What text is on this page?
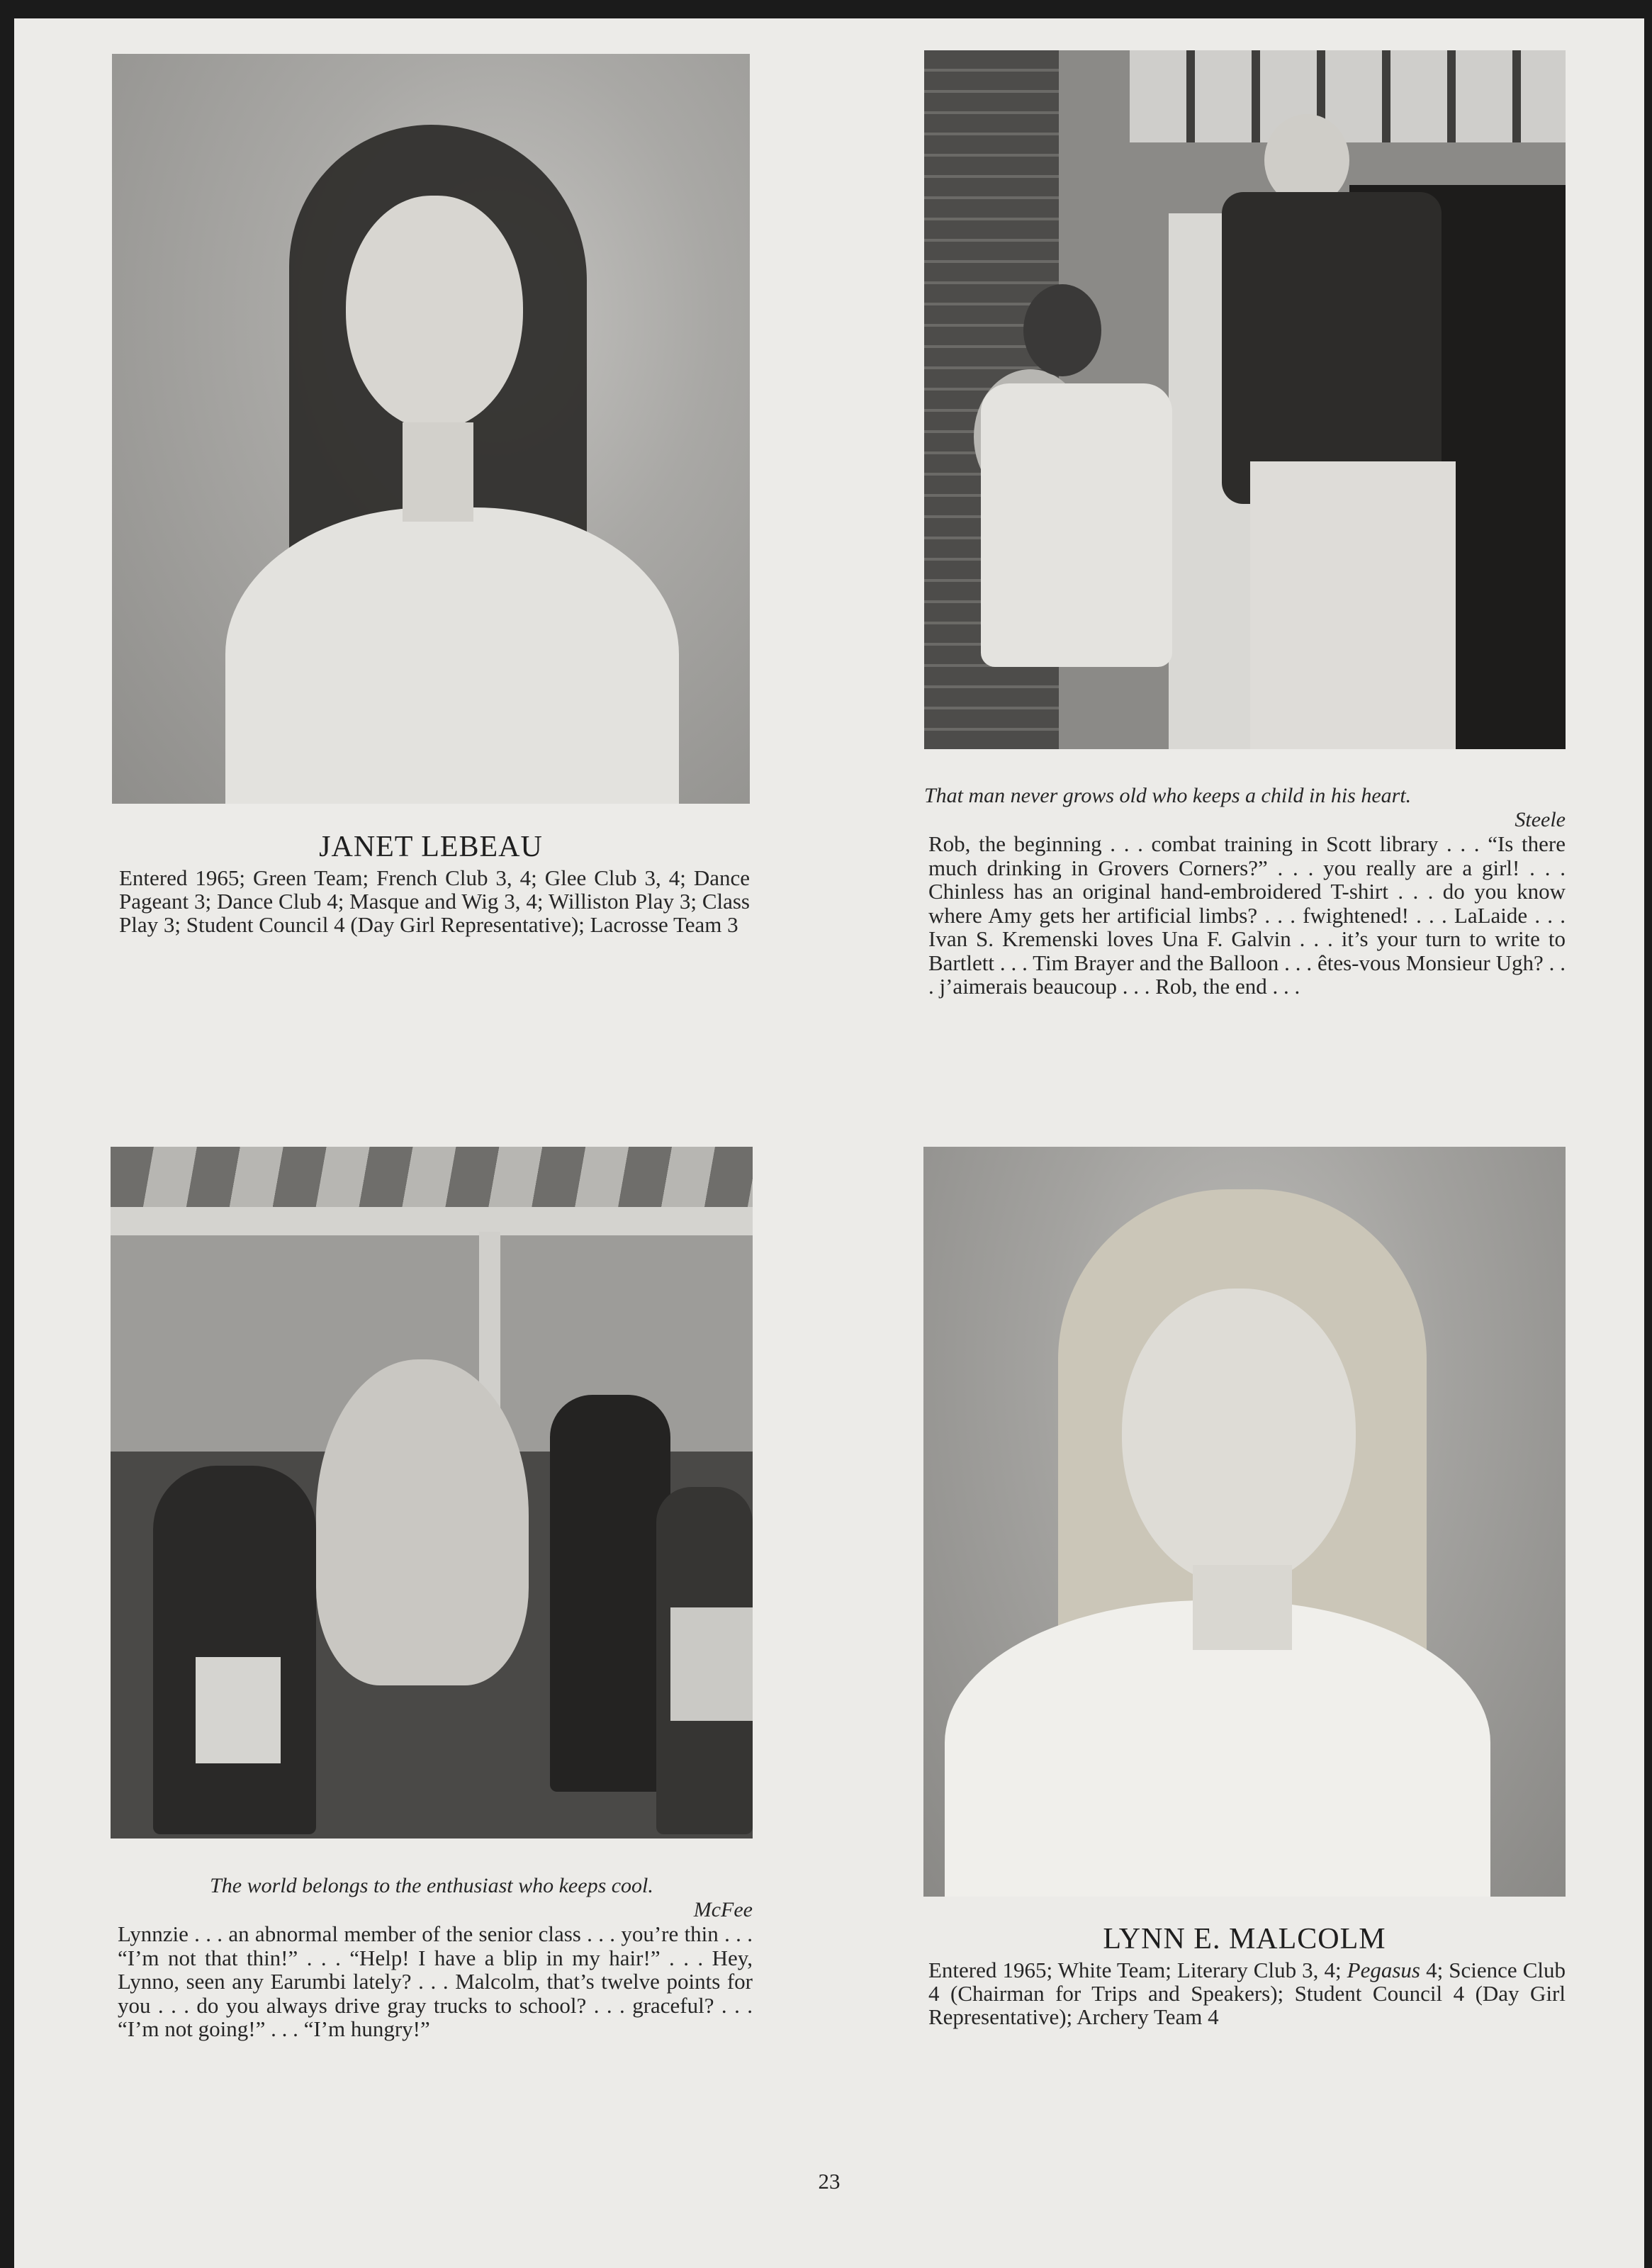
JANET LEBEAU
Entered 1965; Green Team; French Club 3, 4; Glee Club 3, 4; Dance Pageant 3; Dance Club 4; Masque and Wig 3, 4; Williston Play 3; Class Play 3; Student Council 4 (Day Girl Representative); Lacrosse Team 3
That man never grows old who keeps a child in his heart.
Steele
Rob, the beginning . . . combat training in Scott library . . . “Is there much drinking in Grovers Corners?” . . . you really are a girl! . . . Chinless has an original hand-embroidered T-shirt . . . do you know where Amy gets her artificial limbs? . . . fwightened! . . . LaLaide . . . Ivan S. Kremenski loves Una F. Galvin . . . it’s your turn to write to Bartlett . . . Tim Brayer and the Balloon . . . êtes-vous Monsieur Ugh? . . . j’aimerais beaucoup . . . Rob, the end . . .
The world belongs to the enthusiast who keeps cool.
McFee
Lynnzie . . . an abnormal member of the senior class . . . you’re thin . . . “I’m not that thin!” . . . “Help! I have a blip in my hair!” . . . Hey, Lynno, seen any Earumbi lately? . . . Malcolm, that’s twelve points for you . . . do you always drive gray trucks to school? . . . graceful? . . . “I’m not going!” . . . “I’m hungry!”
LYNN E. MALCOLM
Entered 1965; White Team; Literary Club 3, 4; Pegasus 4; Science Club 4 (Chairman for Trips and Speakers); Student Council 4 (Day Girl Representative); Archery Team 4
23
